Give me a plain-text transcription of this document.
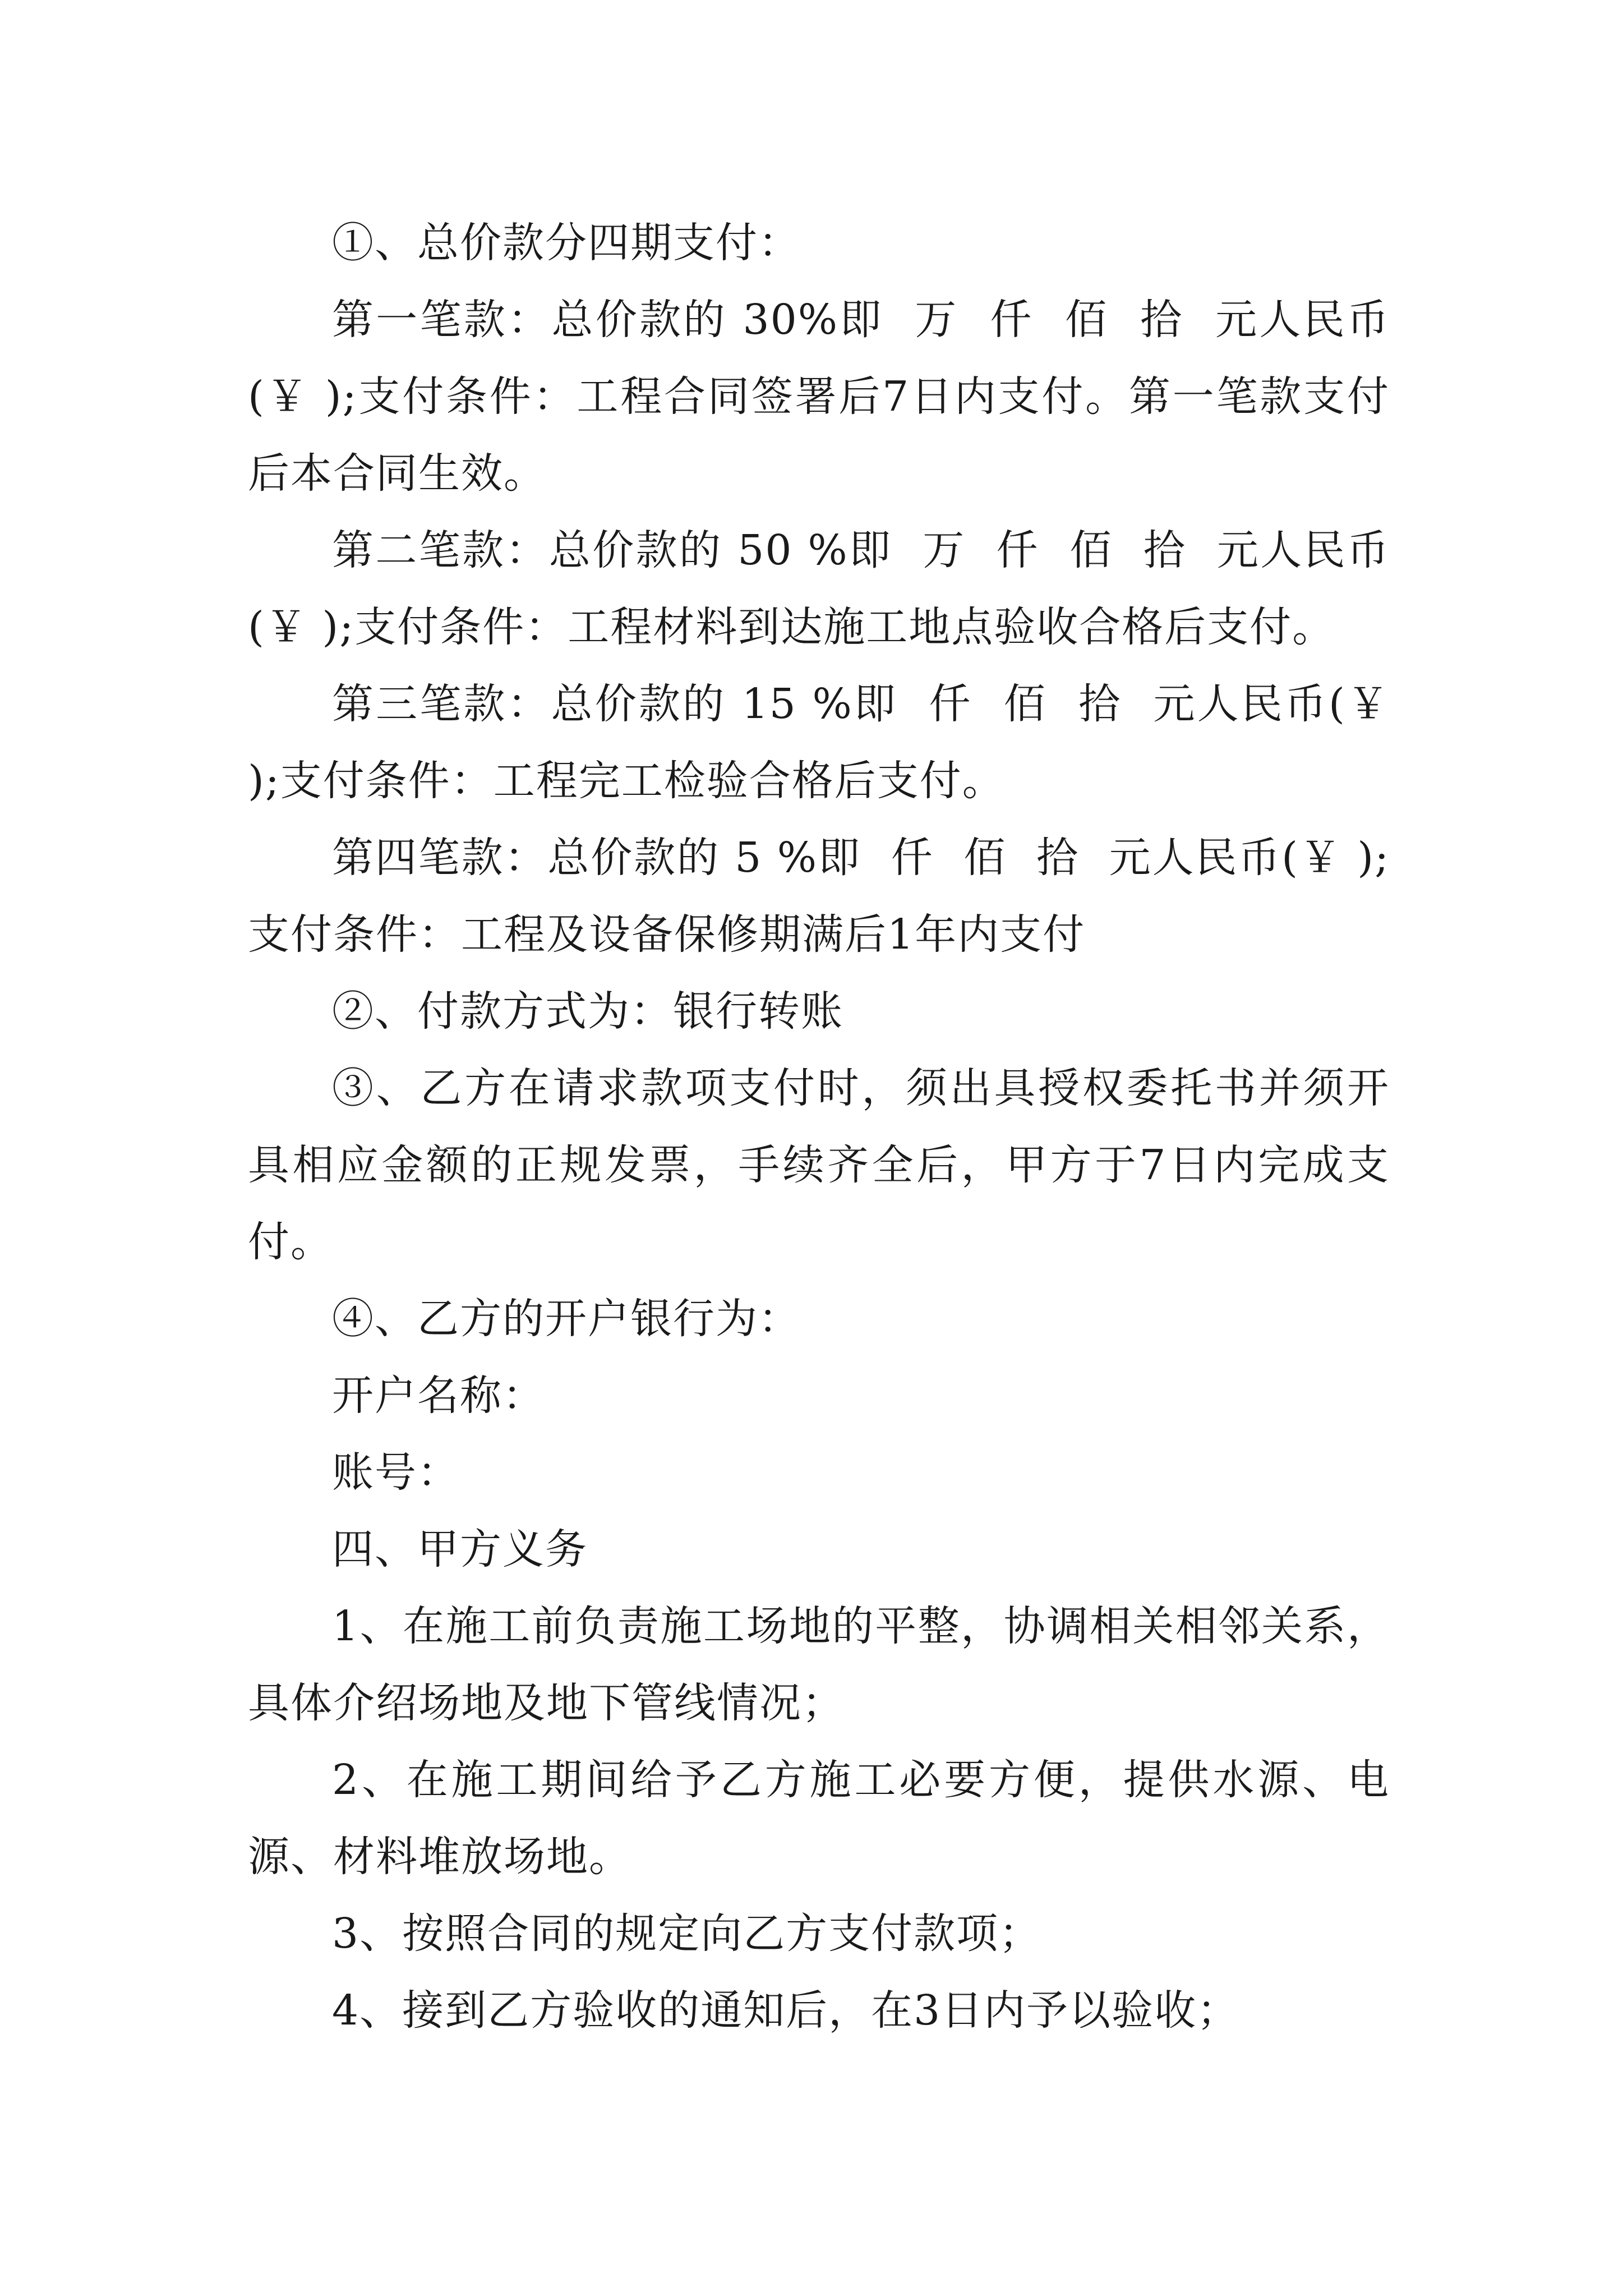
①、总价款分四期支付：

第一笔款：总价款的 30%即  万  仟  佰  拾  元人民币(￥ );支付条件：工程合同签署后7日内支付。第一笔款支付后本合同生效。

第二笔款：总价款的 50 %即  万  仟  佰  拾  元人民币(￥ );支付条件：工程材料到达施工地点验收合格后支付。

第三笔款：总价款的 15 %即  仟  佰  拾  元人民币(￥ );支付条件：工程完工检验合格后支付。

第四笔款：总价款的 5 %即  仟  佰  拾  元人民币(￥ );支付条件：工程及设备保修期满后1年内支付

②、付款方式为：银行转账

③、乙方在请求款项支付时，须出具授权委托书并须开具相应金额的正规发票，手续齐全后，甲方于7日内完成支付。

④、乙方的开户银行为：

开户名称：

账号：

四、甲方义务

1、在施工前负责施工场地的平整，协调相关相邻关系，具体介绍场地及地下管线情况；

2、在施工期间给予乙方施工必要方便，提供水源、电源、材料堆放场地。

3、按照合同的规定向乙方支付款项；

4、接到乙方验收的通知后，在3日内予以验收；
